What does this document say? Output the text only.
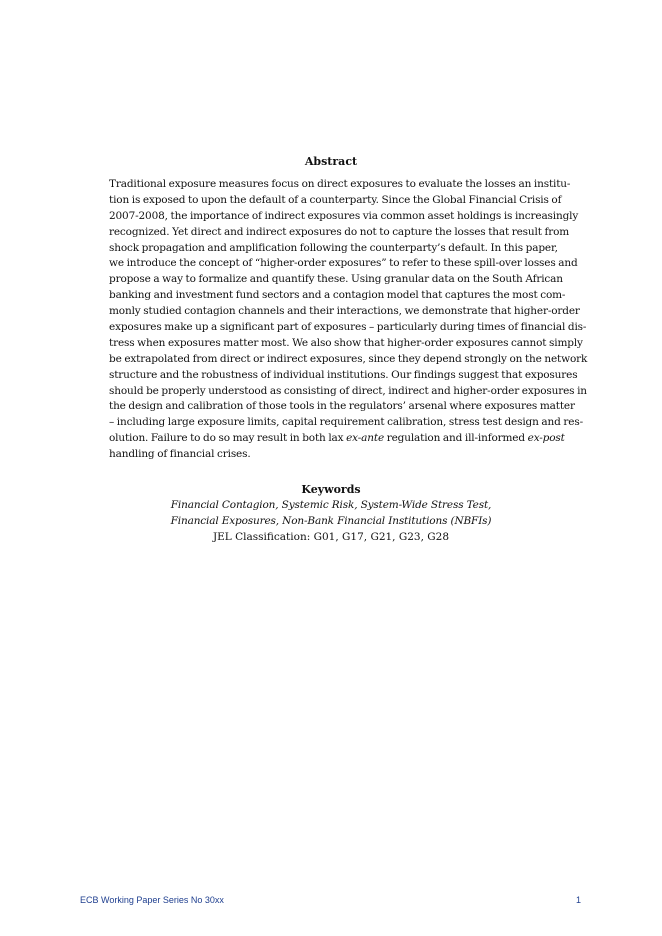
Abstract
Traditional exposure measures focus on direct exposures to evaluate the losses an institu-
tion is exposed to upon the default of a counterparty. Since the Global Financial Crisis of
2007-2008, the importance of indirect exposures via common asset holdings is increasingly
recognized. Yet direct and indirect exposures do not to capture the losses that result from
shock propagation and amplification following the counterparty’s default. In this paper,
we introduce the concept of “higher-order exposures” to refer to these spill-over losses and
propose a way to formalize and quantify these. Using granular data on the South African
banking and investment fund sectors and a contagion model that captures the most com-
monly studied contagion channels and their interactions, we demonstrate that higher-order
exposures make up a significant part of exposures – particularly during times of financial dis-
tress when exposures matter most. We also show that higher-order exposures cannot simply
be extrapolated from direct or indirect exposures, since they depend strongly on the network
structure and the robustness of individual institutions. Our findings suggest that exposures
should be properly understood as consisting of direct, indirect and higher-order exposures in
the design and calibration of those tools in the regulators’ arsenal where exposures matter
– including large exposure limits, capital requirement calibration, stress test design and res-
olution. Failure to do so may result in both lax ex-ante regulation and ill-informed ex-post
handling of financial crises.
Keywords
Financial Contagion, Systemic Risk, System-Wide Stress Test,
Financial Exposures, Non-Bank Financial Institutions (NBFIs)
JEL Classification: G01, G17, G21, G23, G28
ECB Working Paper Series No 30xx	1
